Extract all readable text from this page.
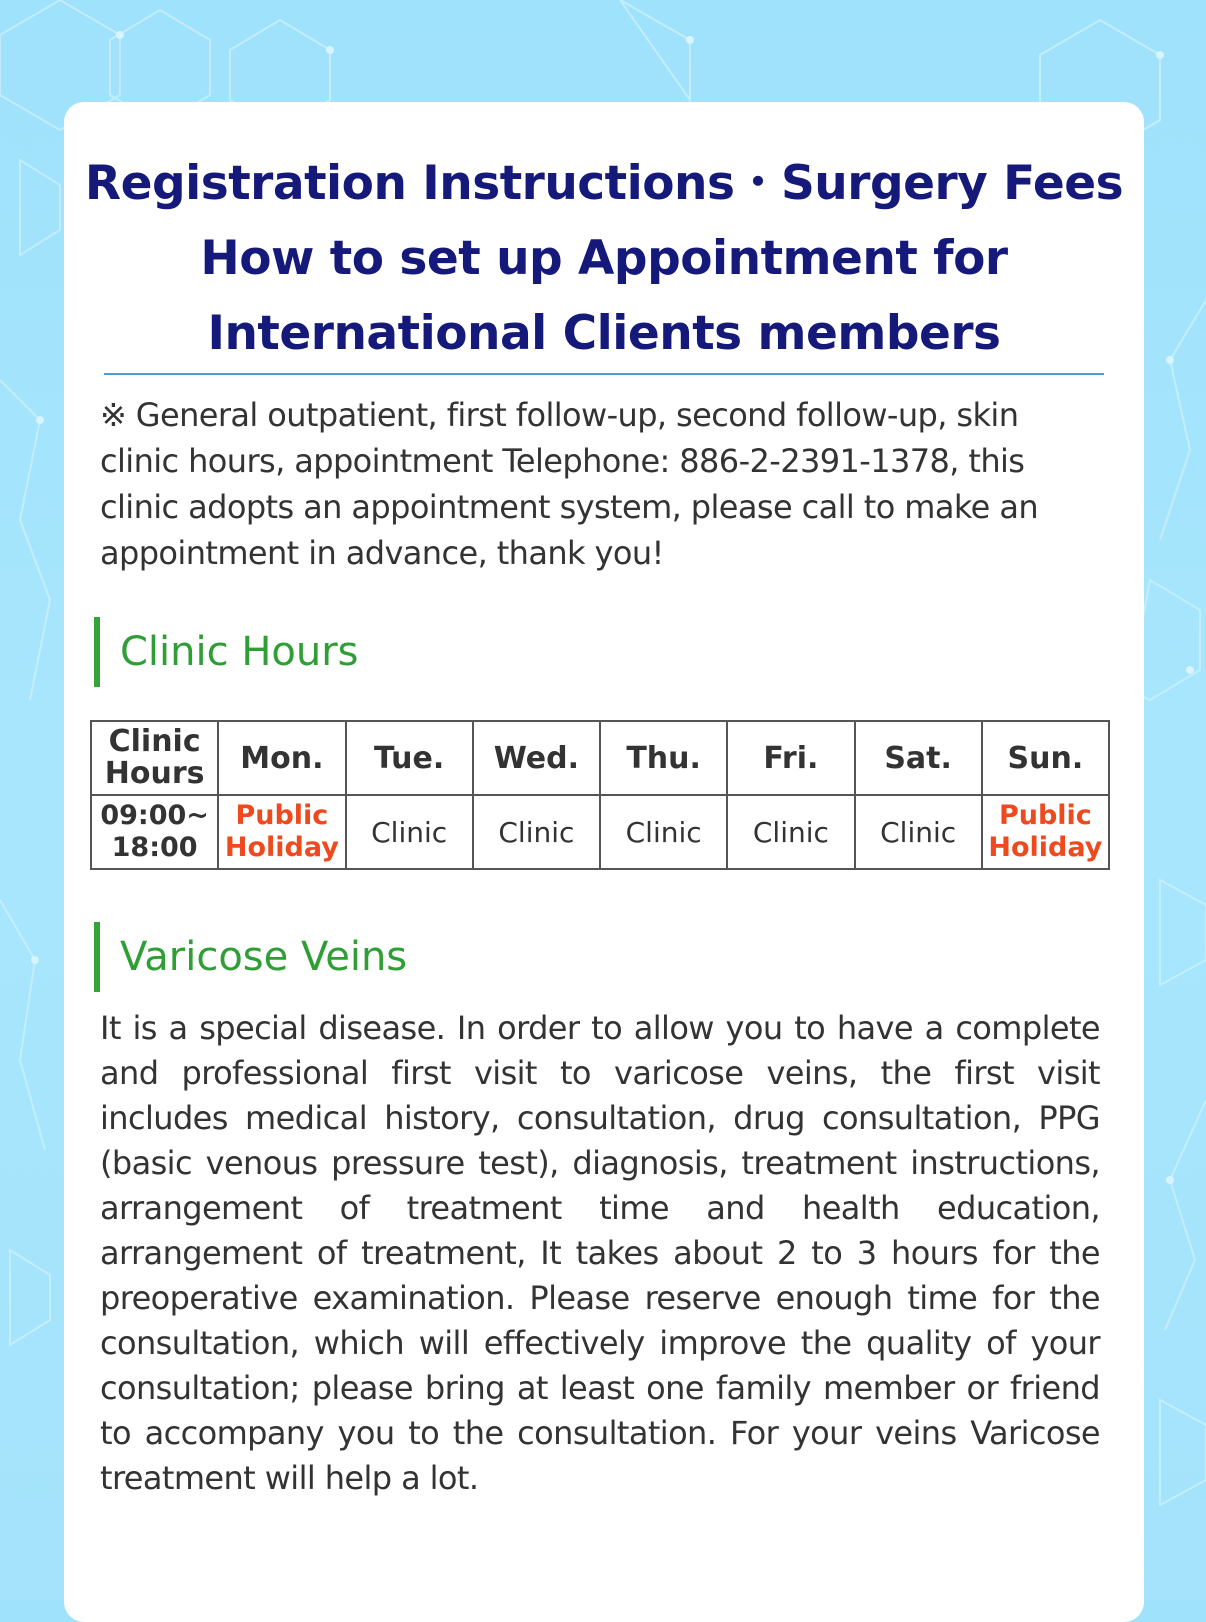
Registration Instructions・Surgery Fees
How to set up Appointment for
International Clients members
※ General outpatient, first follow-up, second follow-up, skin clinic hours, appointment Telephone: 886-2-2391-1378, this clinic adopts an appointment system, please call to make an appointment in advance, thank you!
Clinic Hours
Clinic Hours	Mon.	Tue.	Wed.	Thu.	Fri.	Sat.	Sun.
09:00~ 18:00	Public Holiday	Clinic	Clinic	Clinic	Clinic	Clinic	Public Holiday
Varicose Veins
It is a special disease. In order to allow you to have a complete and professional first visit to varicose veins, the first visit includes medical history, consultation, drug consultation, PPG (basic venous pressure test), diagnosis, treatment instructions, arrangement of treatment time and health education, arrangement of treatment, It takes about 2 to 3 hours for the preoperative examination. Please reserve enough time for the consultation, which will effectively improve the quality of your consultation; please bring at least one family member or friend to accompany you to the consultation. For your veins Varicose treatment will help a lot.
